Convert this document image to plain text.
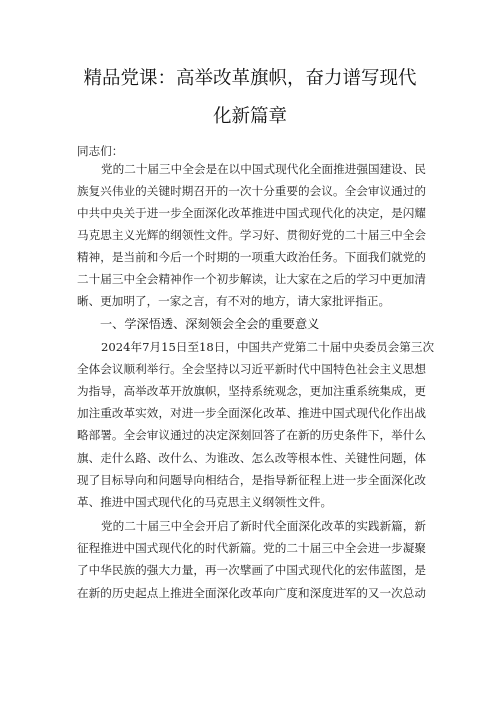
精品党课：高举改革旗帜，奋力谱写现代
化新篇章
同志们：
党的二十届三中全会是在以中国式现代化全面推进强国建设、民
族复兴伟业的关键时期召开的一次十分重要的会议。全会审议通过的
中共中央关于进一步全面深化改革推进中国式现代化的决定，是闪耀
马克思主义光辉的纲领性文件。学习好、贯彻好党的二十届三中全会
精神，是当前和今后一个时期的一项重大政治任务。下面我们就党的
二十届三中全会精神作一个初步解读，让大家在之后的学习中更加清
晰、更加明了，一家之言，有不对的地方，请大家批评指正。
一、学深悟透、深刻领会全会的重要意义
2024年7月15日至18日，中国共产党第二十届中央委员会第三次
全体会议顺利举行。全会坚持以习近平新时代中国特色社会主义思想
为指导，高举改革开放旗帜，坚持系统观念，更加注重系统集成，更
加注重改革实效，对进一步全面深化改革、推进中国式现代化作出战
略部署。全会审议通过的决定深刻回答了在新的历史条件下，举什么
旗、走什么路、改什么、为谁改、怎么改等根本性、关键性问题，体
现了目标导向和问题导向相结合，是指导新征程上进一步全面深化改
革、推进中国式现代化的马克思主义纲领性文件。
党的二十届三中全会开启了新时代全面深化改革的实践新篇，新
征程推进中国式现代化的时代新篇。党的二十届三中全会进一步凝聚
了中华民族的强大力量，再一次擘画了中国式现代化的宏伟蓝图，是
在新的历史起点上推进全面深化改革向广度和深度进军的又一次总动
